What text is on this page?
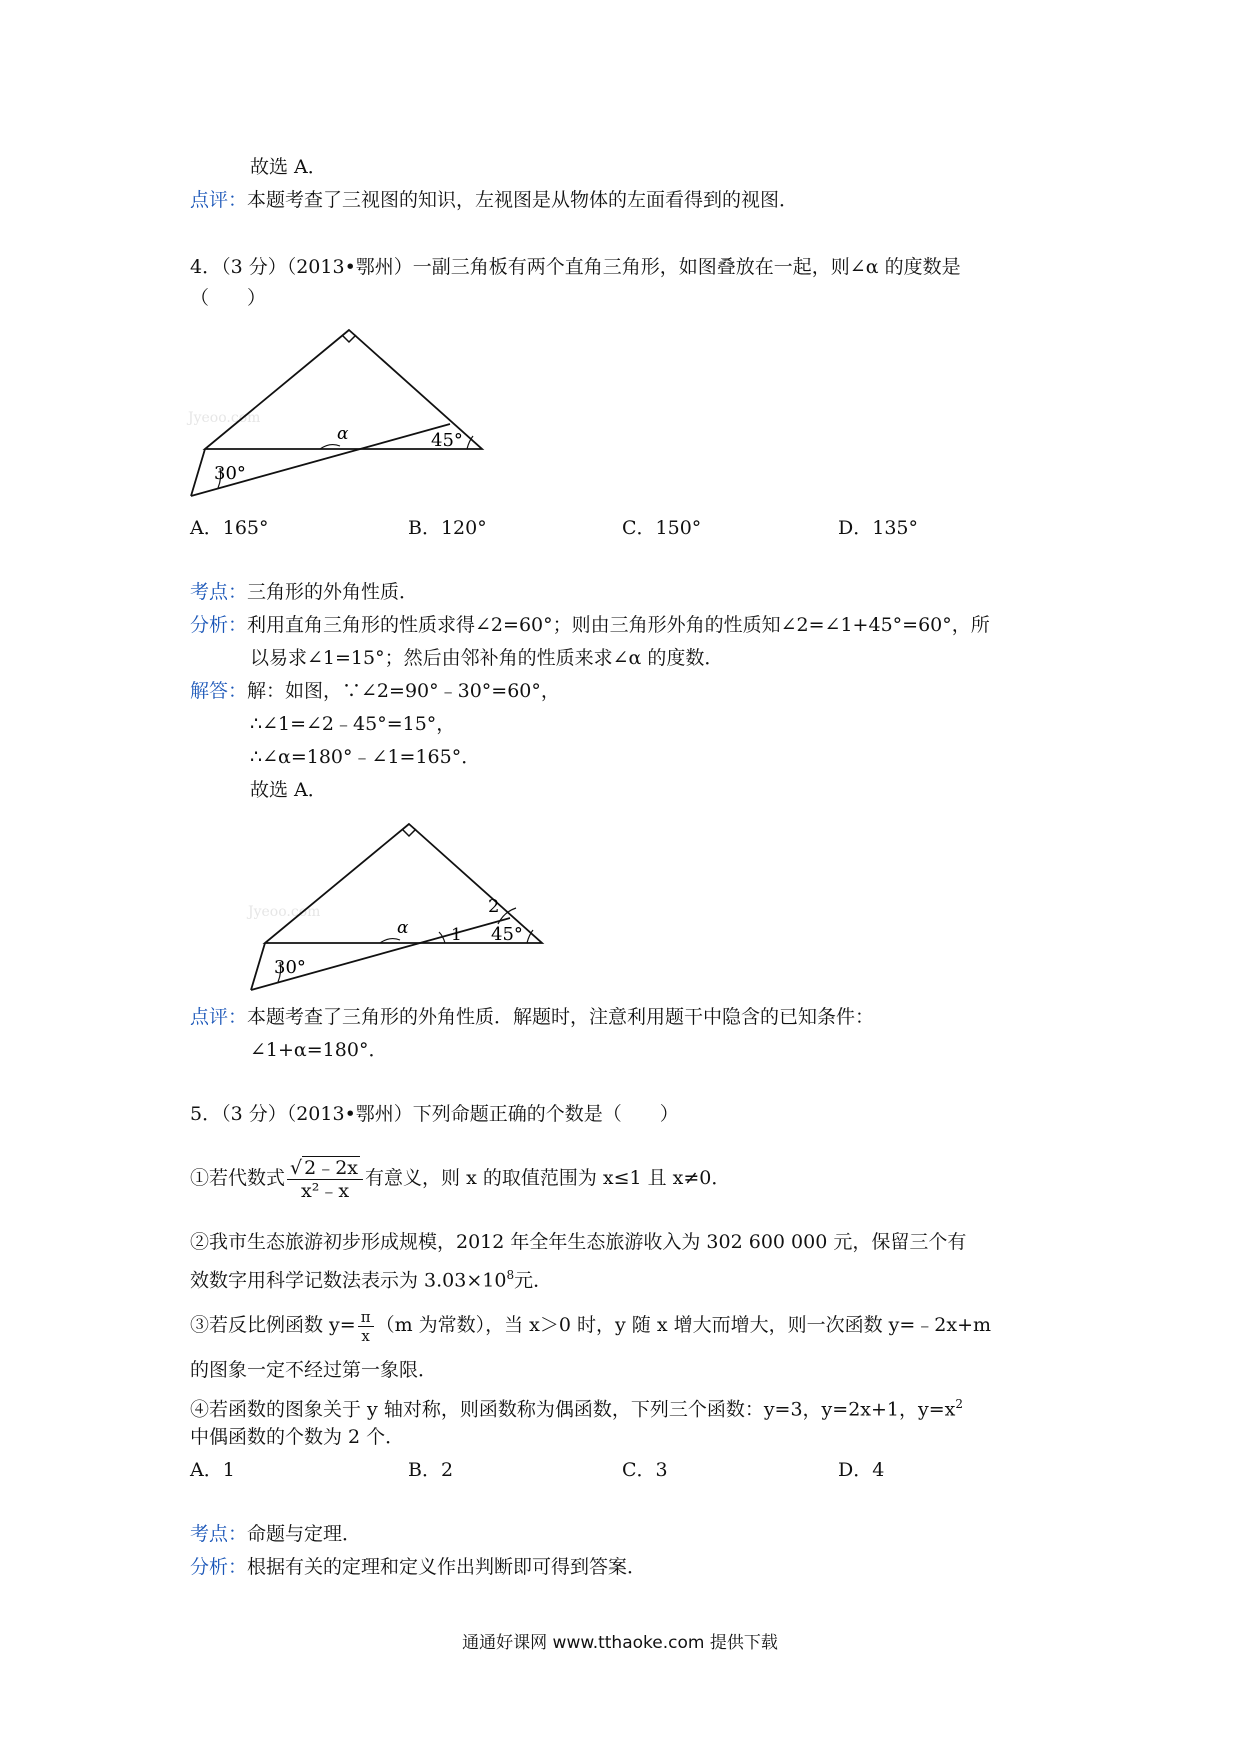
故选 A．
点评：本题考查了三视图的知识，左视图是从物体的左面看得到的视图．
4．（3 分）（2013•鄂州）一副三角板有两个直角三角形，如图叠放在一起，则∠α 的度数是
（　　）
Jyeoo.com
30°
45°
α
A．165°	B．120°	C．150°	D．135°
考点：三角形的外角性质．
分析：利用直角三角形的性质求得∠2=60°；则由三角形外角的性质知∠2=∠1+45°=60°，所
以易求∠1=15°；然后由邻补角的性质来求∠α 的度数．
解答：解：如图，∵∠2=90°﹣30°=60°，
∴∠1=∠2﹣45°=15°，
∴∠α=180°﹣∠1=165°．
故选 A．
Jyeoo.com
30°
45°
α	1
2
点评：本题考查了三角形的外角性质．解题时，注意利用题干中隐含的已知条件：
∠1+α=180°．
5．（3 分）（2013•鄂州）下列命题正确的个数是（　　）
①若代数式 $\frac{√ 2﹣2x}{\text{x²﹣x}}$ 有意义，则 x 的取值范围为 x≤1 且 x≠0．
②我市生态旅游初步形成规模，2012 年全年生态旅游收入为 302 600 000 元，保留三个有
效数字用科学记数法表示为 $3.03\times 10^8$元．
③若反比例函数 $y= \frac{\pi}{x} (m$ 为常数），当 x＞0 时，y 随 x 增大而增大，则一次函数 y=﹣2x+m
的图象一定不经过第一象限．
④若函数的图象关于 y 轴对称，则函数称为偶函数，下列三个函数：y=3，y=2x+1，$y=x^2$
中偶函数的个数为 2 个．
A．1	B．2	C．3	D．4
考点：命题与定理．
分析：根据有关的定理和定义作出判断即可得到答案．
通通好课网 www.tthaoke.com 提供下载
